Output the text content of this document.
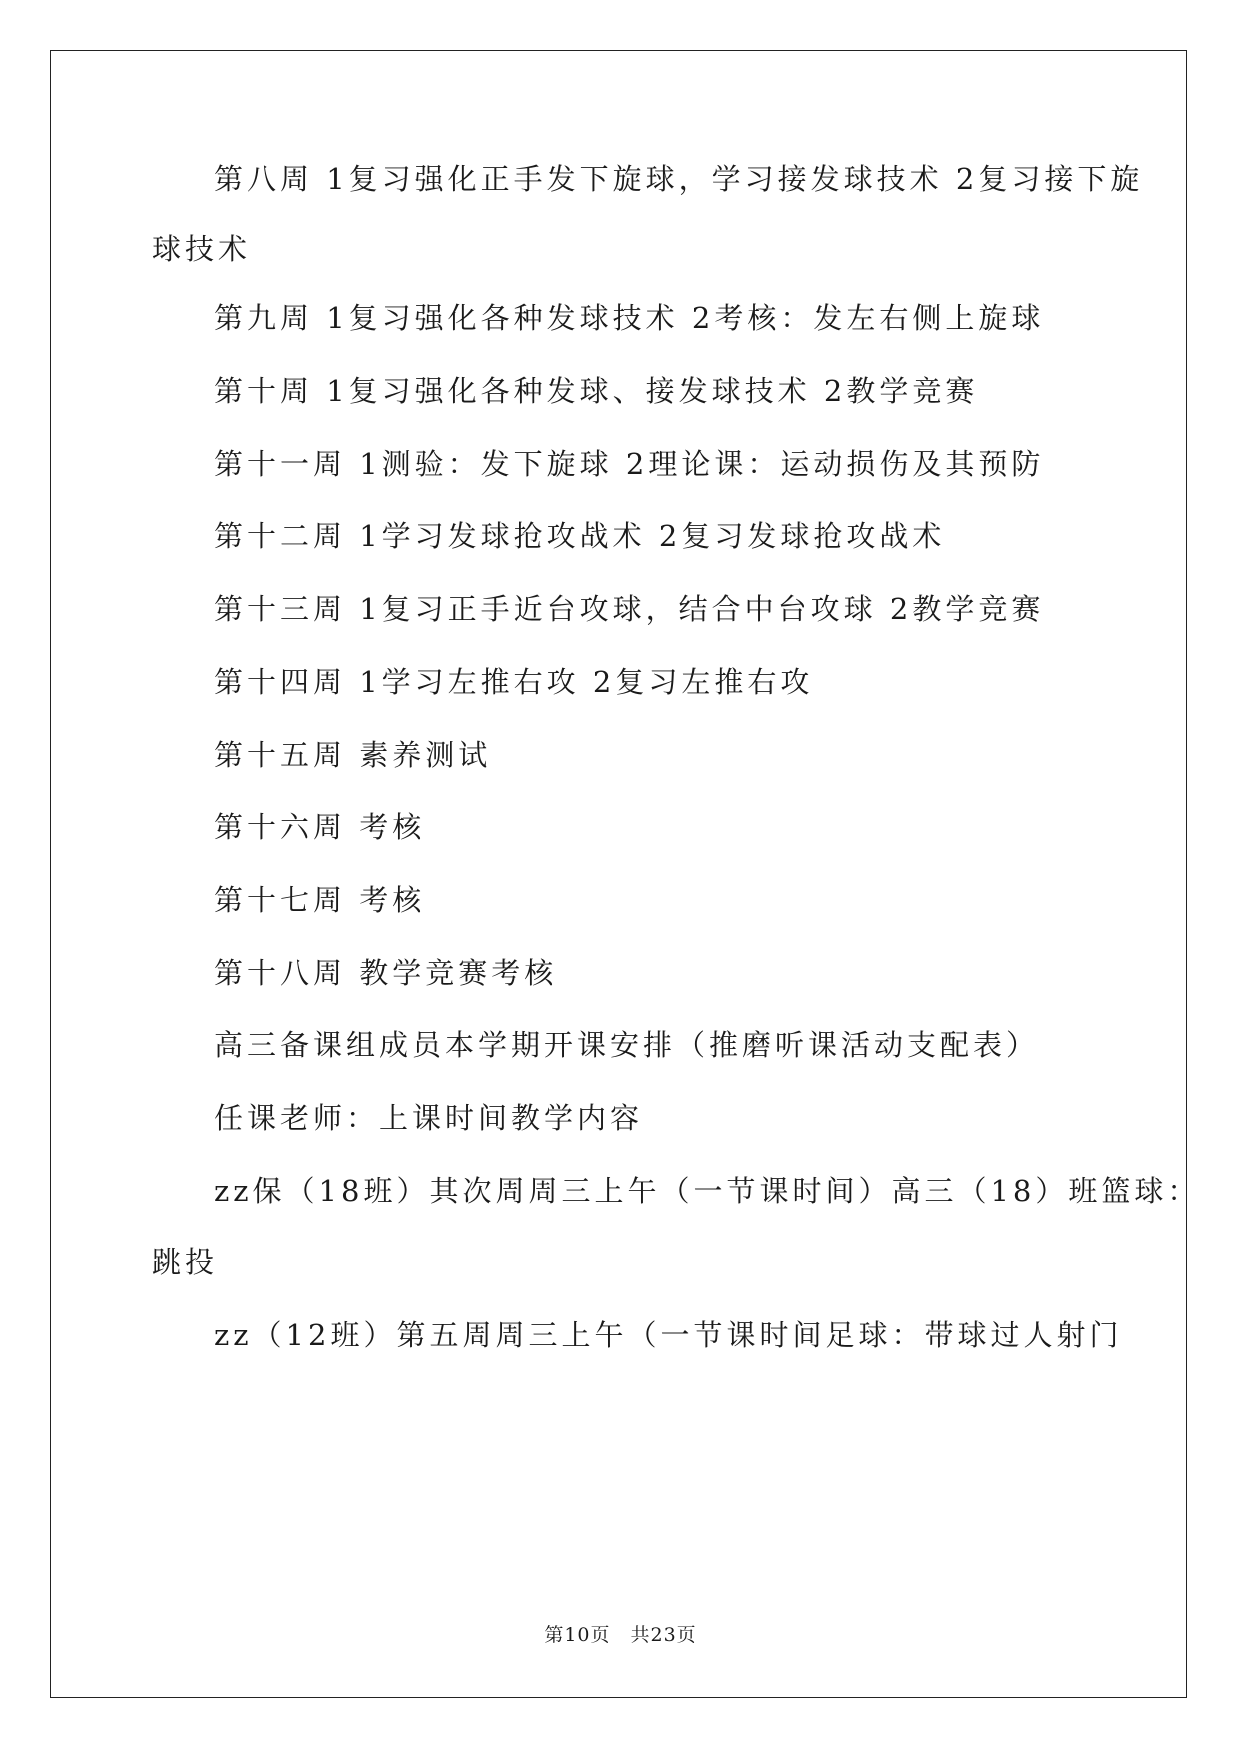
第八周 1复习强化正手发下旋球，学习接发球技术 2复习接下旋
球技术
第九周 1复习强化各种发球技术 2考核：发左右侧上旋球
第十周 1复习强化各种发球、接发球技术 2教学竞赛
第十一周 1测验：发下旋球 2理论课：运动损伤及其预防
第十二周 1学习发球抢攻战术 2复习发球抢攻战术
第十三周 1复习正手近台攻球，结合中台攻球 2教学竞赛
第十四周 1学习左推右攻 2复习左推右攻
第十五周 素养测试
第十六周 考核
第十七周 考核
第十八周 教学竞赛考核
高三备课组成员本学期开课安排（推磨听课活动支配表）
任课老师：上课时间教学内容
zz保（18班）其次周周三上午（一节课时间）高三（18）班篮球：
跳投
zz（12班）第五周周三上午（一节课时间足球：带球过人射门
第10页　共23页
